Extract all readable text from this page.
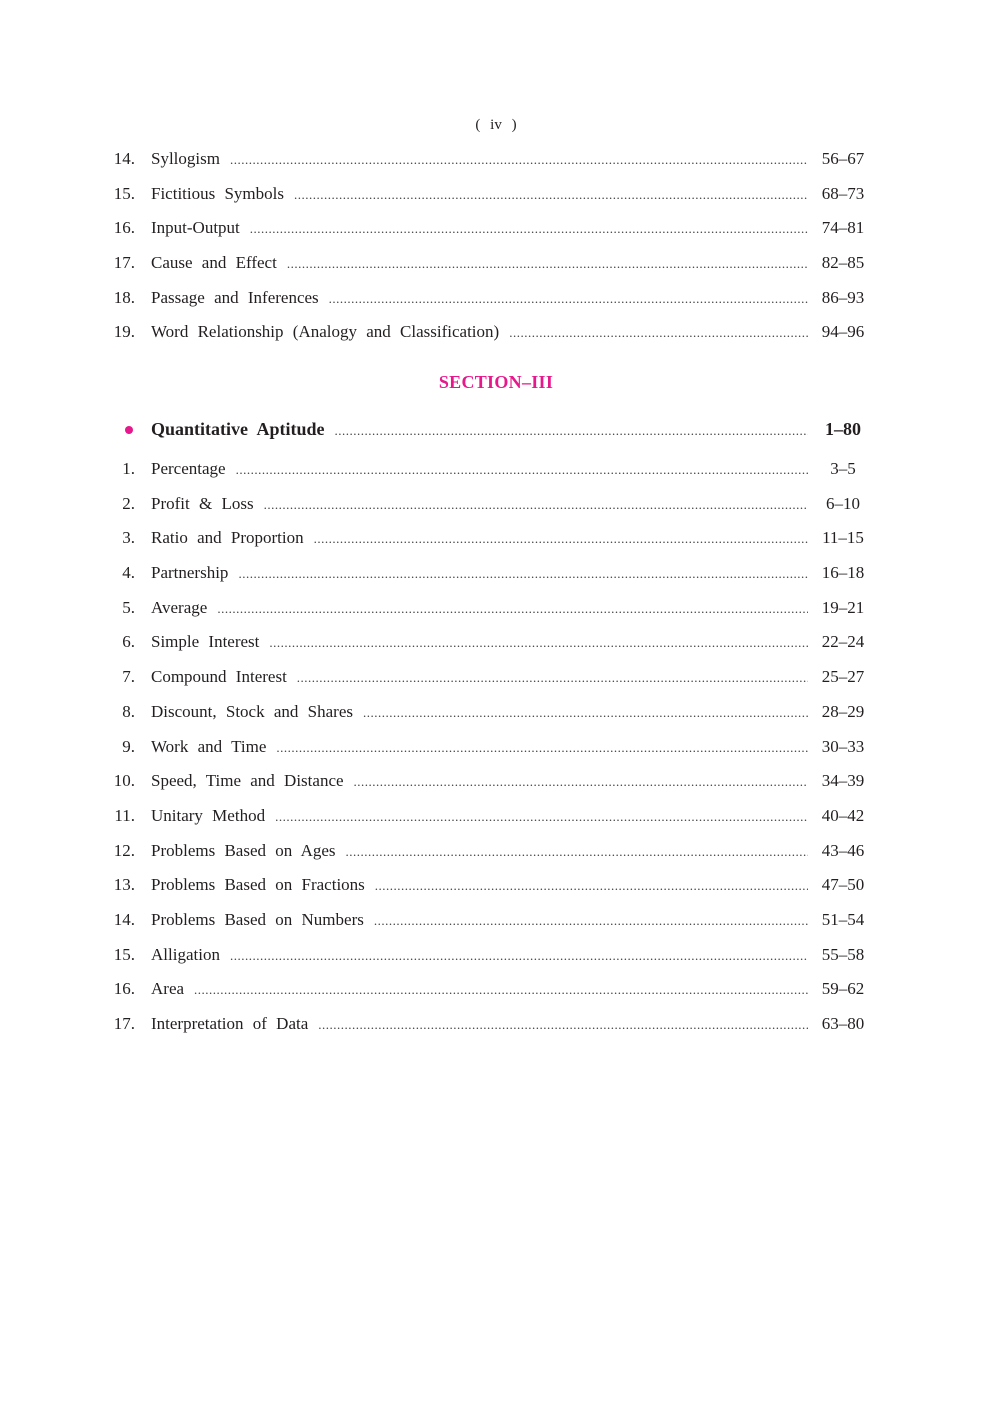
( iv )
14. Syllogism .....	56–67
15. Fictitious Symbols .....	68–73
16. Input-Output .....	74–81
17. Cause and Effect .....	82–85
18. Passage and Inferences .....	86–93
19. Word Relationship (Analogy and Classification) .....	94–96
SECTION–III
Quantitative Aptitude .....	1–80
1. Percentage .....	3–5
2. Profit & Loss .....	6–10
3. Ratio and Proportion .....	11–15
4. Partnership .....	16–18
5. Average .....	19–21
6. Simple Interest .....	22–24
7. Compound Interest .....	25–27
8. Discount, Stock and Shares .....	28–29
9. Work and Time .....	30–33
10. Speed, Time and Distance .....	34–39
11. Unitary Method .....	40–42
12. Problems Based on Ages .....	43–46
13. Problems Based on Fractions .....	47–50
14. Problems Based on Numbers .....	51–54
15. Alligation .....	55–58
16. Area .....	59–62
17. Interpretation of Data .....	63–80
